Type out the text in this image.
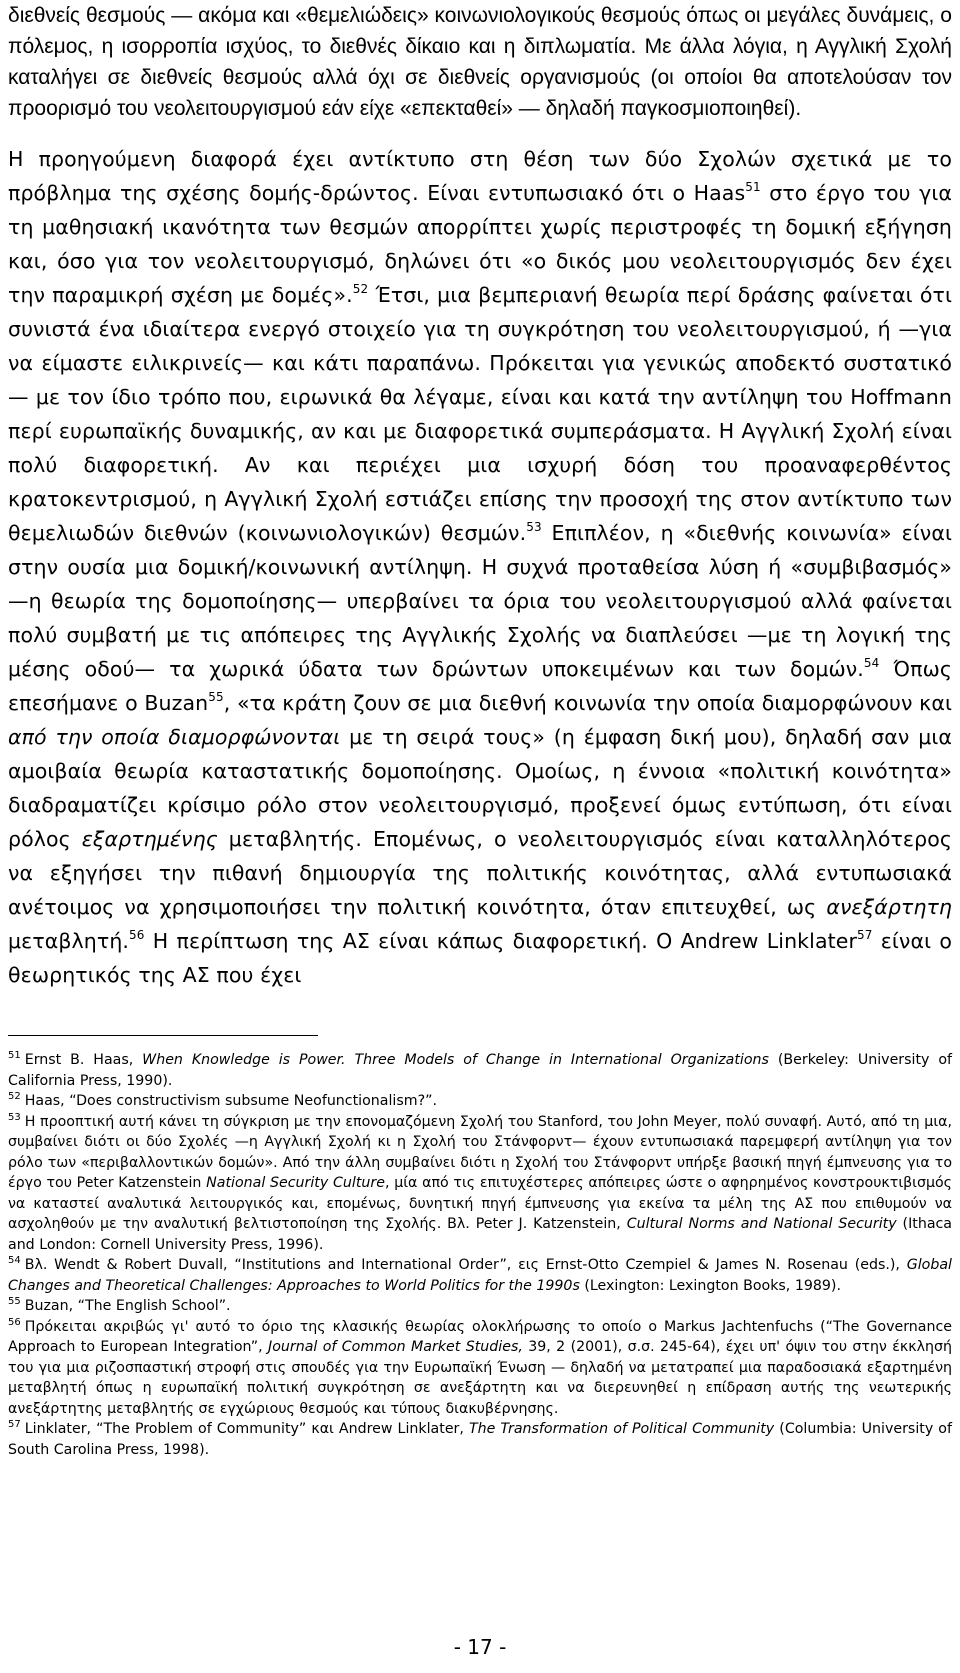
διεθνείς θεσμούς — ακόμα και «θεμελιώδεις» κοινωνιολογικούς θεσμούς όπως οι μεγάλες δυνάμεις, ο πόλεμος, η ισορροπία ισχύος, το διεθνές δίκαιο και η διπλωματία. Με άλλα λόγια, η Αγγλική Σχολή καταλήγει σε διεθνείς θεσμούς αλλά όχι σε διεθνείς οργανισμούς (οι οποίοι θα αποτελούσαν τον προορισμό του νεολειτουργισμού εάν είχε «επεκταθεί» — δηλαδή παγκοσμιοποιηθεί).

Η προηγούμενη διαφορά έχει αντίκτυπο στη θέση των δύο Σχολών σχετικά με το πρόβλημα της σχέσης δομής-δρώντος. Είναι εντυπωσιακό ότι ο Haas$^{51}$ στο έργο του για τη μαθησιακή ικανότητα των θεσμών απορρίπτει χωρίς περιστροφές τη δομική εξήγηση και, όσο για τον νεολειτουργισμό, δηλώνει ότι «ο δικός μου νεολειτουργισμός δεν έχει την παραμικρή σχέση με δομές».$^{52}$ Έτσι, μια βεμπεριανή θεωρία περί δράσης φαίνεται ότι συνιστά ένα ιδιαίτερα ενεργό στοιχείο για τη συγκρότηση του νεολειτουργισμού, ή —για να είμαστε ειλικρινείς— και κάτι παραπάνω. Πρόκειται για γενικώς αποδεκτό συστατικό — με τον ίδιο τρόπο που, ειρωνικά θα λέγαμε, είναι και κατά την αντίληψη του Hoffmann περί ευρωπαϊκής δυναμικής, αν και με διαφορετικά συμπεράσματα. Η Αγγλική Σχολή είναι πολύ διαφορετική. Αν και περιέχει μια ισχυρή δόση του προαναφερθέντος κρατοκεντρισμού, η Αγγλική Σχολή εστιάζει επίσης την προσοχή της στον αντίκτυπο των θεμελιωδών διεθνών (κοινωνιολογικών) θεσμών.$^{53}$ Επιπλέον, η «διεθνής κοινωνία» είναι στην ουσία μια δομική/κοινωνική αντίληψη. Η συχνά προταθείσα λύση ή «συμβιβασμός» —η θεωρία της δομοποίησης— υπερβαίνει τα όρια του νεολειτουργισμού αλλά φαίνεται πολύ συμβατή με τις απόπειρες της Αγγλικής Σχολής να διαπλεύσει —με τη λογική της μέσης οδού— τα χωρικά ύδατα των δρώντων υποκειμένων και των δομών.$^{54}$ Όπως επεσήμανε ο Buzan$^{55}$, «τα κράτη ζουν σε μια διεθνή κοινωνία την οποία διαμορφώνουν και από την οποία διαμορφώνονται με τη σειρά τους» (η έμφαση δική μου), δηλαδή σαν μια αμοιβαία θεωρία καταστατικής δομοποίησης. Ομοίως, η έννοια «πολιτική κοινότητα» διαδραματίζει κρίσιμο ρόλο στον νεολειτουργισμό, προξενεί όμως εντύπωση, ότι είναι ρόλος εξαρτημένης μεταβλητής. Επομένως, ο νεολειτουργισμός είναι καταλληλότερος να εξηγήσει την πιθανή δημιουργία της πολιτικής κοινότητας, αλλά εντυπωσιακά ανέτοιμος να χρησιμοποιήσει την πολιτική κοινότητα, όταν επιτευχθεί, ως ανεξάρτητη μεταβλητή.$^{56}$ Η περίπτωση της ΑΣ είναι κάπως διαφορετική. Ο Andrew Linklater$^{57}$ είναι ο θεωρητικός της ΑΣ που έχει

$^{51}$ Ernst B. Haas, When Knowledge is Power. Three Models of Change in International Organizations (Berkeley: University of California Press, 1990).

$^{52}$ Haas, “Does constructivism subsume Neofunctionalism?”.

$^{53}$ Η προοπτική αυτή κάνει τη σύγκριση με την επονομαζόμενη Σχολή του Stanford, του John Meyer, πολύ συναφή. Αυτό, από τη μια, συμβαίνει διότι οι δύο Σχολές —η Αγγλική Σχολή κι η Σχολή του Στάνφορντ— έχουν εντυπωσιακά παρεμφερή αντίληψη για τον ρόλο των «περιβαλλοντικών δομών». Από την άλλη συμβαίνει διότι η Σχολή του Στάνφορντ υπήρξε βασική πηγή έμπνευσης για το έργο του Peter Katzenstein National Security Culture, μία από τις επιτυχέστερες απόπειρες ώστε ο αφηρημένος κονστρουκτιβισμός να καταστεί αναλυτικά λειτουργικός και, επομένως, δυνητική πηγή έμπνευσης για εκείνα τα μέλη της ΑΣ που επιθυμούν να ασχοληθούν με την αναλυτική βελτιστοποίηση της Σχολής. Βλ. Peter J. Katzenstein, Cultural Norms and National Security (Ithaca and London: Cornell University Press, 1996).

$^{54}$ Βλ. Wendt & Robert Duvall, “Institutions and International Order”, εις Ernst-Otto Czempiel & James N. Rosenau (eds.), Global Changes and Theoretical Challenges: Approaches to World Politics for the 1990s (Lexington: Lexington Books, 1989).

$^{55}$ Buzan, “The English School”.

$^{56}$ Πρόκειται ακριβώς γι' αυτό το όριο της κλασικής θεωρίας ολοκλήρωσης το οποίο ο Markus Jachtenfuchs (“The Governance Approach to European Integration”, Journal of Common Market Studies, 39, 2 (2001), σ.σ. 245-64), έχει υπ' όψιν του στην έκκλησή του για μια ριζοσπαστική στροφή στις σπουδές για την Ευρωπαϊκή Ένωση — δηλαδή να μετατραπεί μια παραδοσιακά εξαρτημένη μεταβλητή όπως η ευρωπαϊκή πολιτική συγκρότηση σε ανεξάρτητη και να διερευνηθεί η επίδραση αυτής της νεωτερικής ανεξάρτητης μεταβλητής σε εγχώριους θεσμούς και τύπους διακυβέρνησης.

$^{57}$ Linklater, “The Problem of Community” και Andrew Linklater, The Transformation of Political Community (Columbia: University of South Carolina Press, 1998).

- 17 -
